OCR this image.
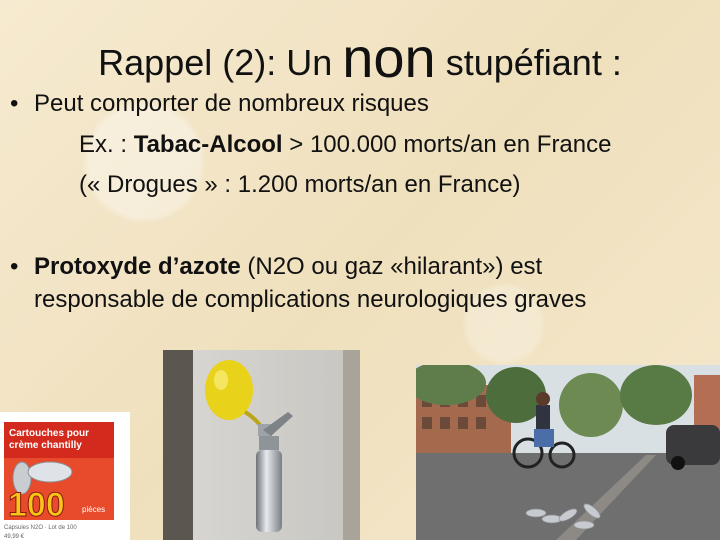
Rappel (2): Un non stupéfiant :
• Peut comporter de nombreux risques
Ex. : Tabac-Alcool > 100.000 morts/an en France
(« Drogues » : 1.200 morts/an en France)
• Protoxyde d’azote (N2O ou gaz «hilarant») est
responsable de complications neurologiques graves
Cartouches pour crème chantilly
100 pièces
Capsules N2O · Lot de 100
49,99 €
